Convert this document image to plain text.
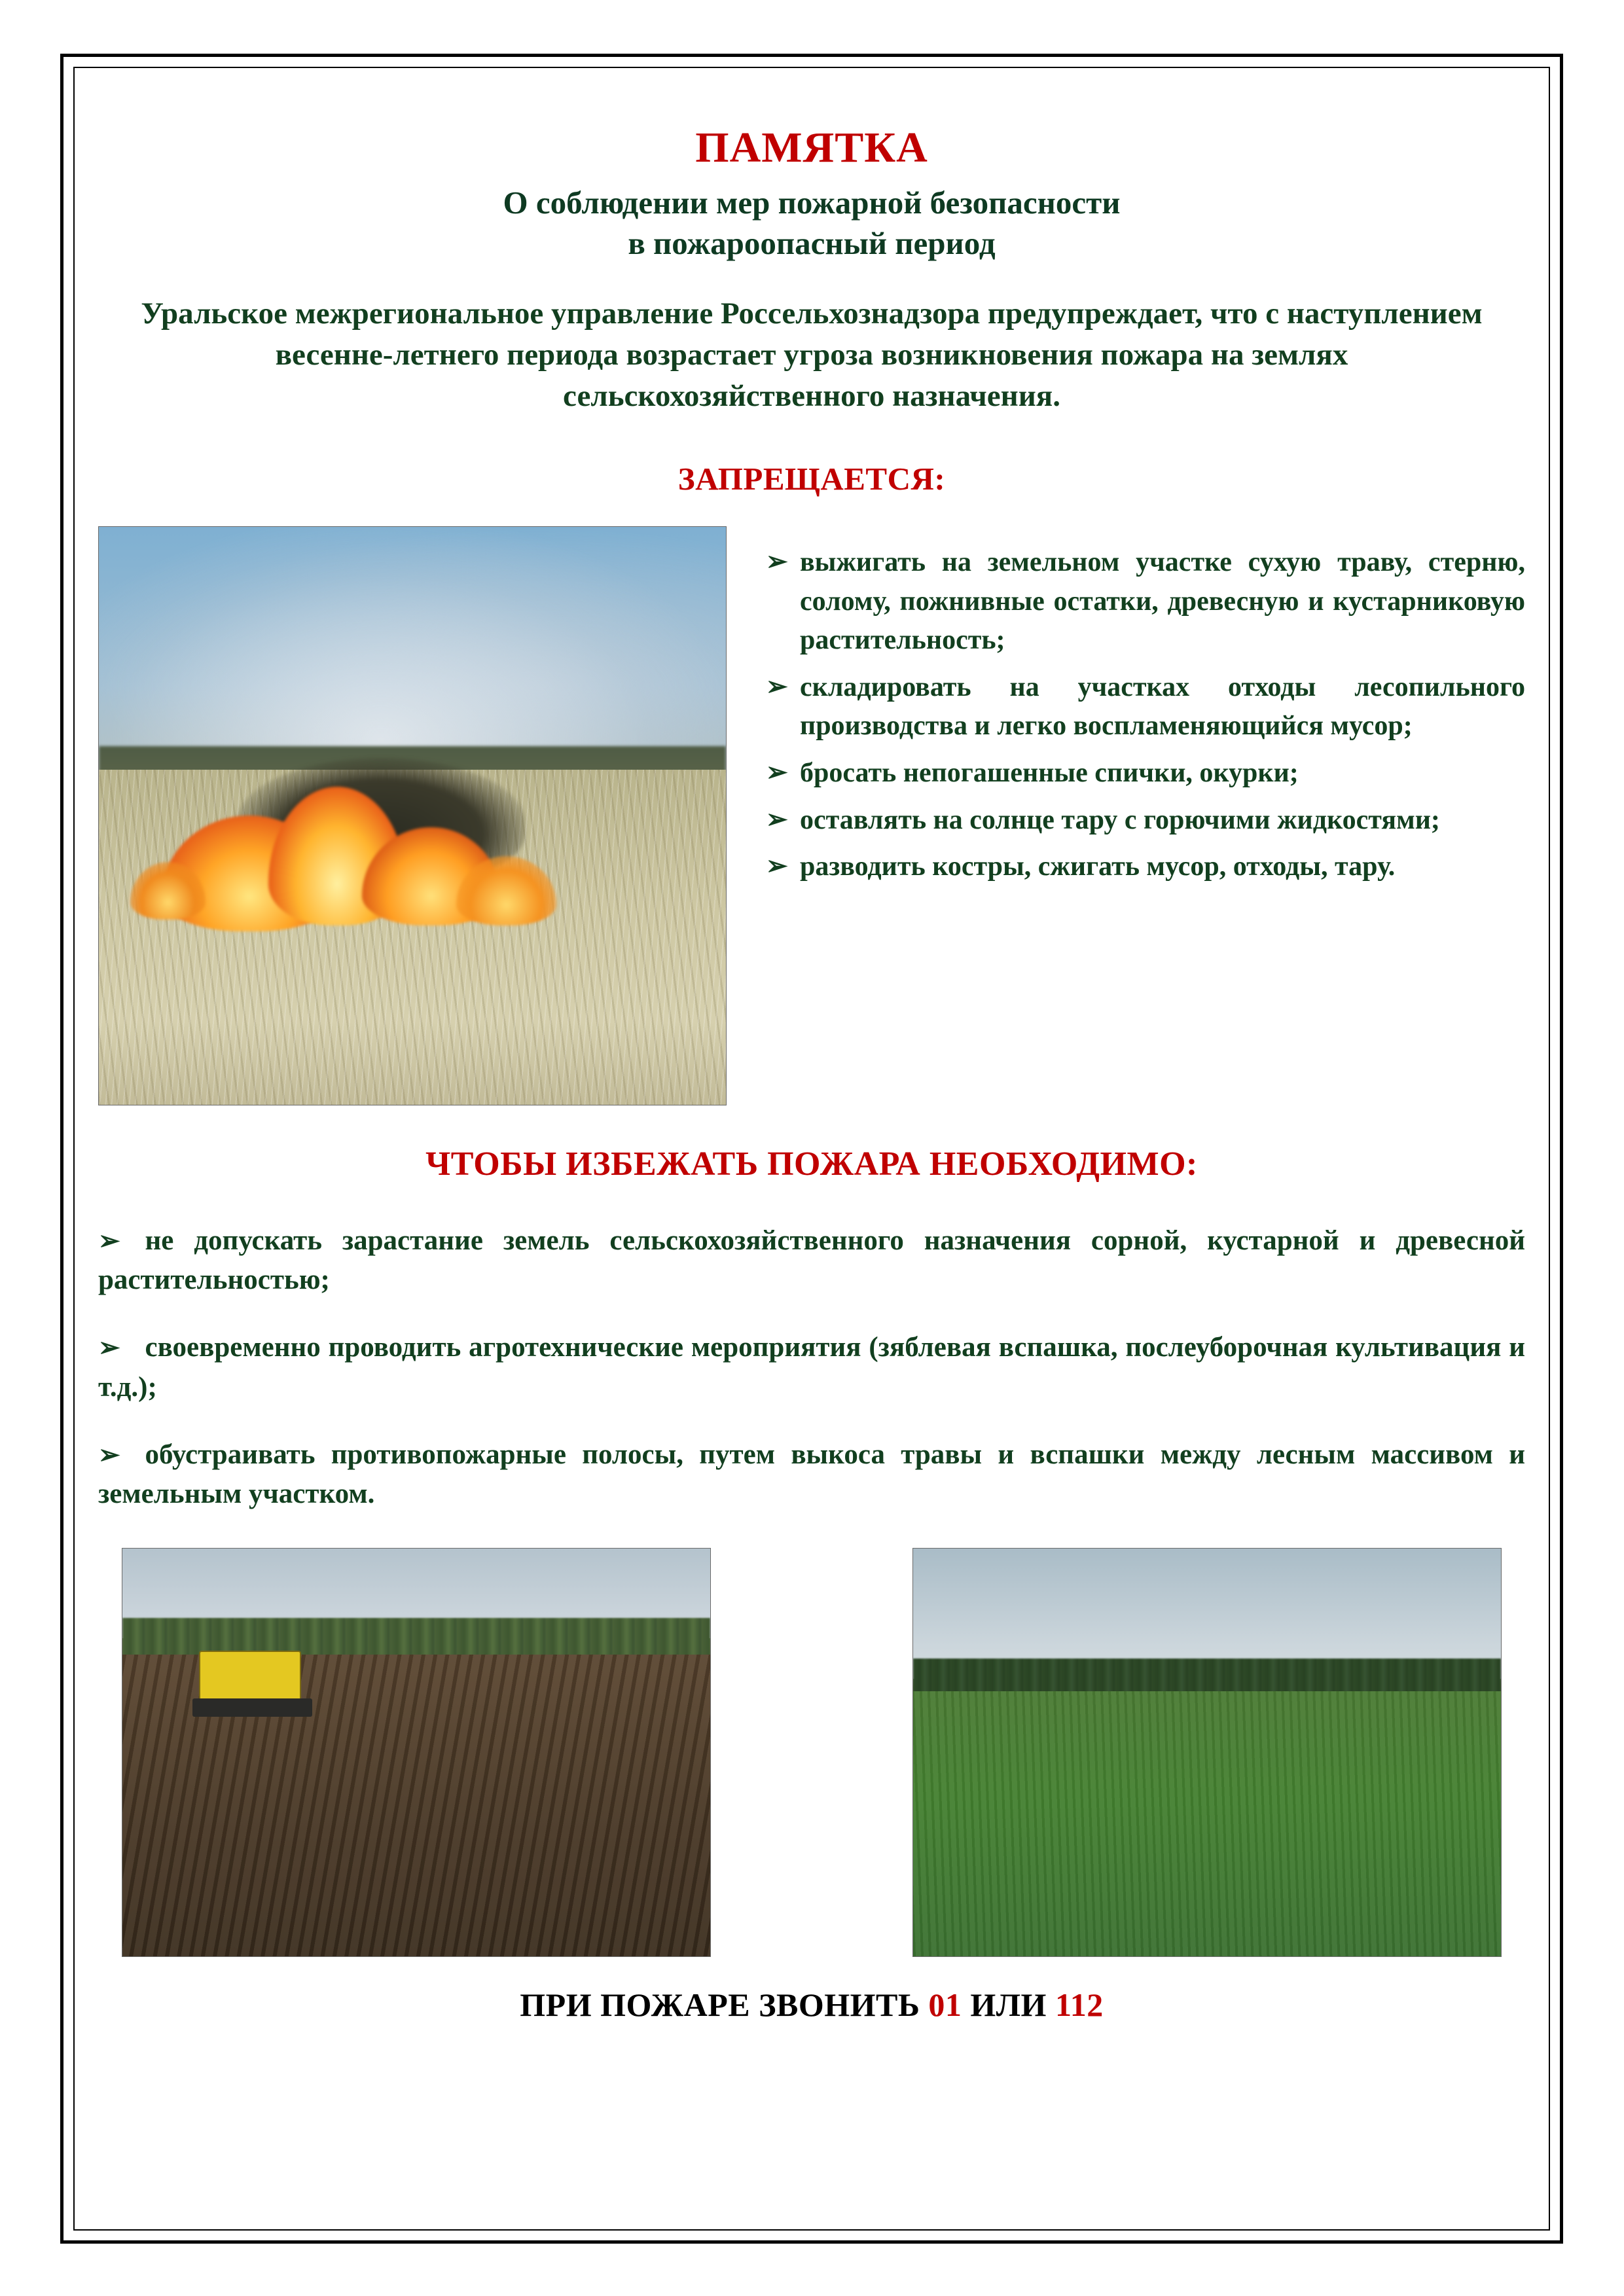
ПАМЯТКА
О соблюдении мер пожарной безопасности
в пожароопасный период

Уральское межрегиональное управление Россельхознадзора предупреждает, что с наступлением весенне-летнего периода возрастает угроза возникновения пожара на землях сельскохозяйственного назначения.

ЗАПРЕЩАЕТСЯ:
➢ выжигать на земельном участке сухую траву, стерню, солому, пожнивные остатки, древесную и кустарниковую растительность;
➢ складировать на участках отходы лесопильного производства и легко воспламеняющийся мусор;
➢ бросать непогашенные спички, окурки;
➢ оставлять на солнце тару с горючими жидкостями;
➢ разводить костры, сжигать мусор, отходы, тару.
ЧТОБЫ ИЗБЕЖАТЬ ПОЖАРА НЕОБХОДИМО:

➢ не допускать зарастание земель сельскохозяйственного назначения сорной, кустарной и древесной растительностью;

➢ своевременно проводить агротехнические мероприятия (зяблевая вспашка, послеуборочная культивация и т.д.);

➢ обустраивать противопожарные полосы, путем выкоса травы и вспашки между лесным массивом и земельным участком.

ПРИ ПОЖАРЕ ЗВОНИТЬ 01 ИЛИ 112
